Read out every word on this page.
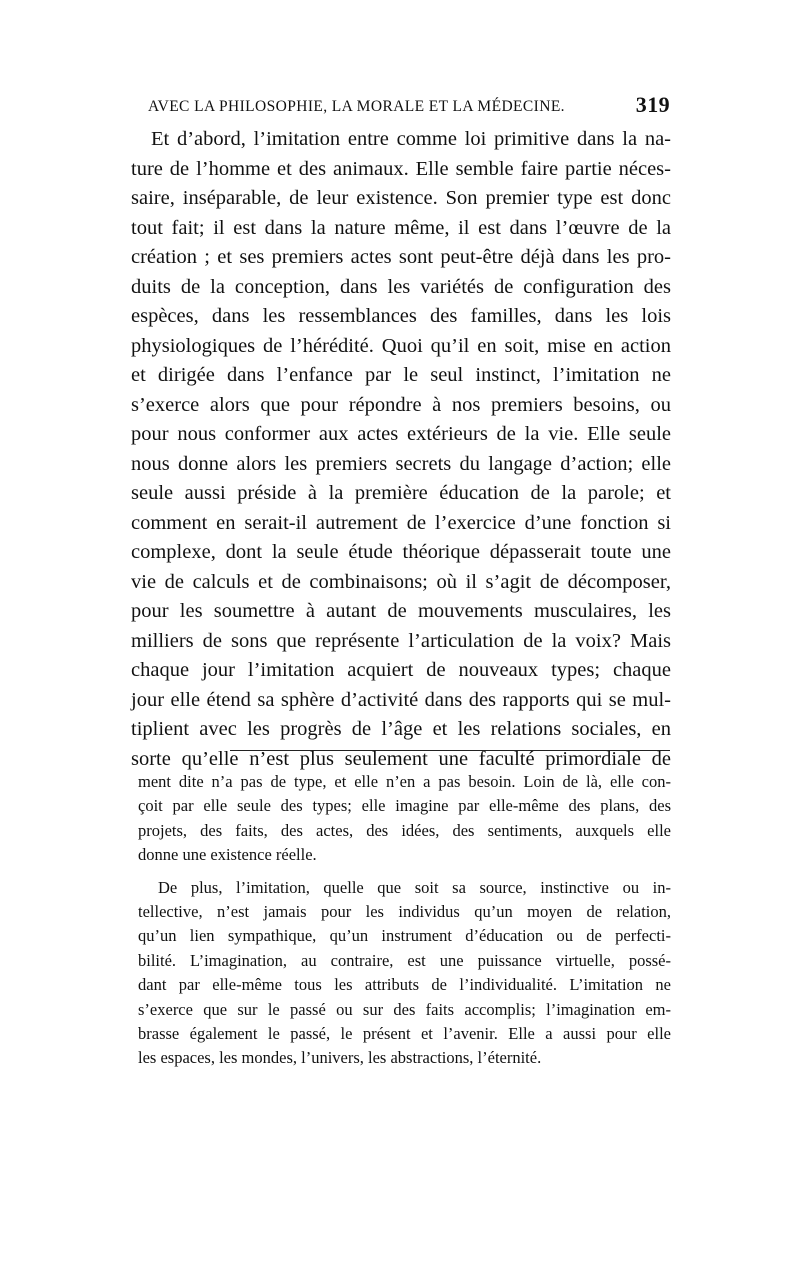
AVEC LA PHILOSOPHIE, LA MORALE ET LA MÉDECINE.	319
Et d’abord, l’imitation entre comme loi primitive dans la na-
ture de l’homme et des animaux. Elle semble faire partie néces-
saire, inséparable, de leur existence. Son premier type est donc
tout fait; il est dans la nature même, il est dans l’œuvre de la
création ; et ses premiers actes sont peut-être déjà dans les pro-
duits de la conception, dans les variétés de configuration des
espèces, dans les ressemblances des familles, dans les lois
physiologiques de l’hérédité. Quoi qu’il en soit, mise en action
et dirigée dans l’enfance par le seul instinct, l’imitation ne
s’exerce alors que pour répondre à nos premiers besoins, ou
pour nous conformer aux actes extérieurs de la vie. Elle seule
nous donne alors les premiers secrets du langage d’action; elle
seule aussi préside à la première éducation de la parole; et
comment en serait-il autrement de l’exercice d’une fonction si
complexe, dont la seule étude théorique dépasserait toute une
vie de calculs et de combinaisons; où il s’agit de décomposer,
pour les soumettre à autant de mouvements musculaires, les
milliers de sons que représente l’articulation de la voix? Mais
chaque jour l’imitation acquiert de nouveaux types; chaque
jour elle étend sa sphère d’activité dans des rapports qui se mul-
tiplient avec les progrès de l’âge et les relations sociales, en
sorte qu’elle n’est plus seulement une faculté primordiale de
ment dite n’a pas de type, et elle n’en a pas besoin. Loin de là, elle con-
çoit par elle seule des types; elle imagine par elle-même des plans, des
projets, des faits, des actes, des idées, des sentiments, auxquels elle
donne une existence réelle.
De plus, l’imitation, quelle que soit sa source, instinctive ou in-
tellective, n’est jamais pour les individus qu’un moyen de relation,
qu’un lien sympathique, qu’un instrument d’éducation ou de perfecti-
bilité. L’imagination, au contraire, est une puissance virtuelle, possé-
dant par elle-même tous les attributs de l’individualité. L’imitation ne
s’exerce que sur le passé ou sur des faits accomplis; l’imagination em-
brasse également le passé, le présent et l’avenir. Elle a aussi pour elle
les espaces, les mondes, l’univers, les abstractions, l’éternité.
